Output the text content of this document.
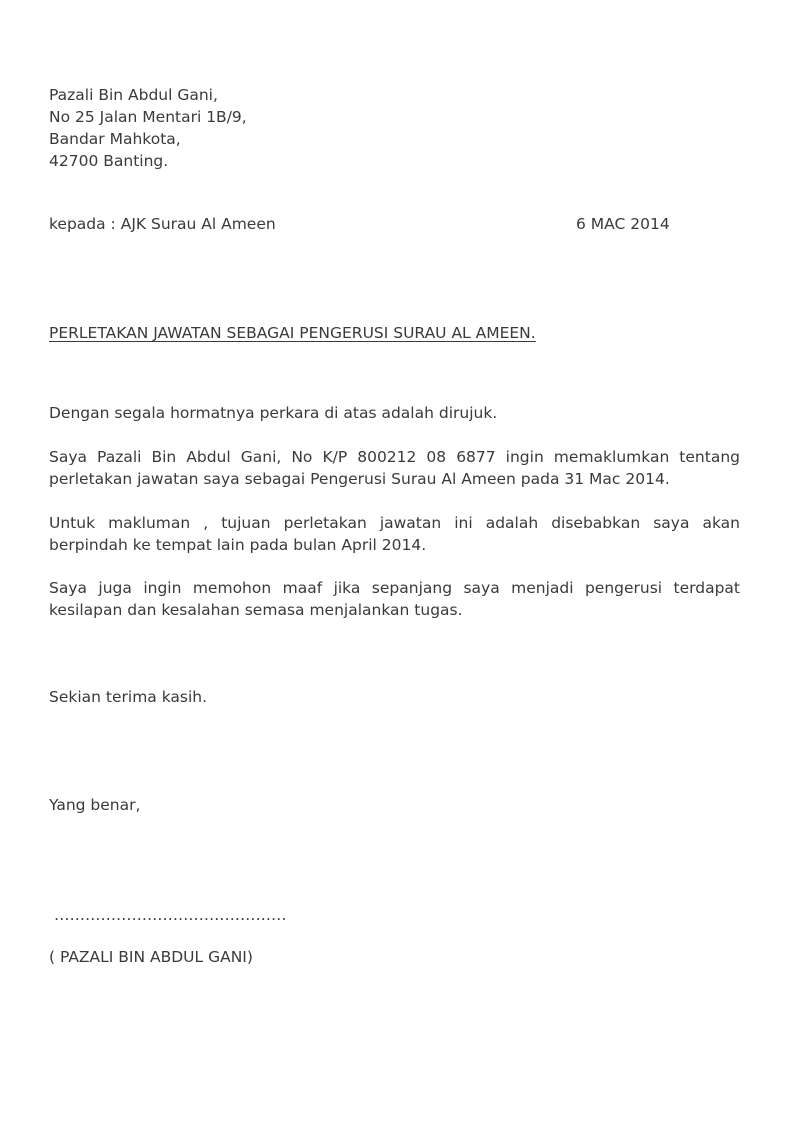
Pazali Bin Abdul Gani,
No 25 Jalan Mentari 1B/9,
Bandar Mahkota,
42700 Banting.
kepada : AJK Surau Al Ameen	6 MAC 2014
PERLETAKAN JAWATAN SEBAGAI PENGERUSI SURAU AL AMEEN.
Dengan segala hormatnya perkara di atas adalah dirujuk.
Saya Pazali Bin Abdul Gani, No K/P 800212 08 6877 ingin memaklumkan tentang
perletakan jawatan saya sebagai Pengerusi Surau Al Ameen pada 31 Mac 2014.
Untuk makluman , tujuan perletakan jawatan ini adalah disebabkan saya akan
berpindah ke tempat lain pada bulan April 2014.
Saya juga ingin memohon maaf jika sepanjang saya menjadi pengerusi terdapat
kesilapan dan kesalahan semasa menjalankan tugas.
Sekian terima kasih.
Yang benar,
………………………………………
( PAZALI BIN ABDUL GANI)
